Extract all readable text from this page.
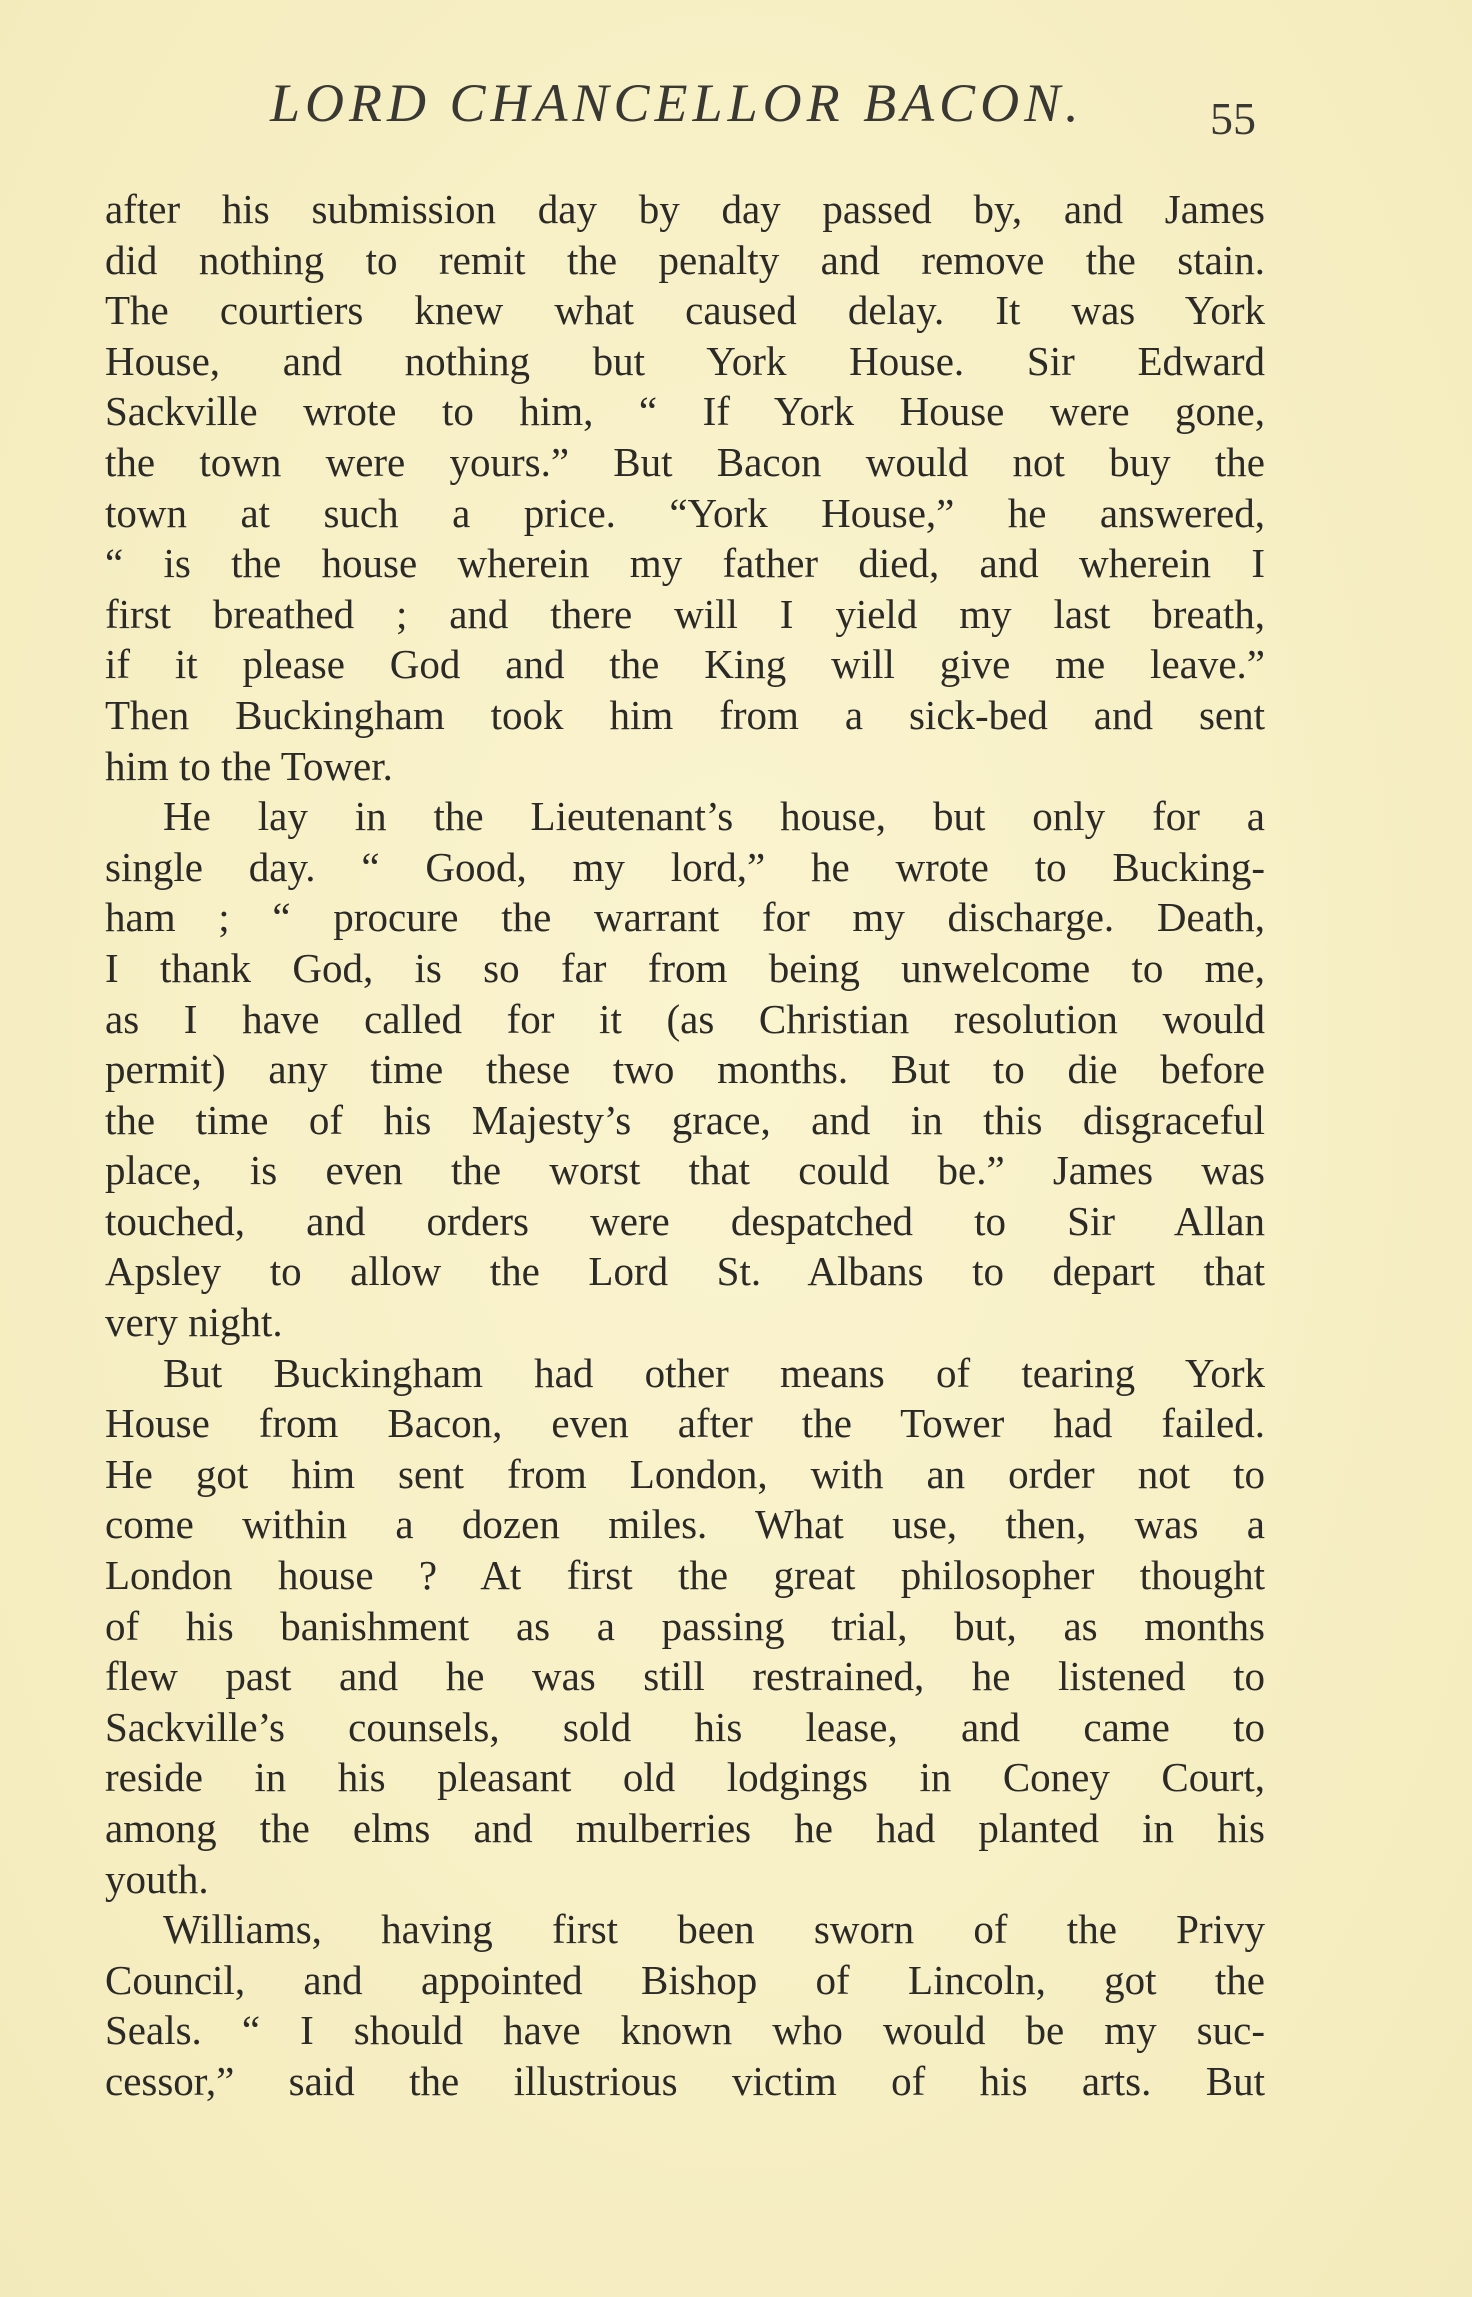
LORD CHANCELLOR BACON.	55
after his submission day by day passed by, and James
did nothing to remit the penalty and remove the stain.
The courtiers knew what caused delay. It was York
House, and nothing but York House. Sir Edward
Sackville wrote to him, “ If York House were gone,
the town were yours.” But Bacon would not buy the
town at such a price. “York House,” he answered,
“ is the house wherein my father died, and wherein I
first breathed ; and there will I yield my last breath,
if it please God and the King will give me leave.”
Then Buckingham took him from a sick-bed and sent
him to the Tower.
He lay in the Lieutenant’s house, but only for a
single day. “ Good, my lord,” he wrote to Bucking-
ham ; “ procure the warrant for my discharge. Death,
I thank God, is so far from being unwelcome to me,
as I have called for it (as Christian resolution would
permit) any time these two months. But to die before
the time of his Majesty’s grace, and in this disgraceful
place, is even the worst that could be.” James was
touched, and orders were despatched to Sir Allan
Apsley to allow the Lord St. Albans to depart that
very night.
But Buckingham had other means of tearing York
House from Bacon, even after the Tower had failed.
He got him sent from London, with an order not to
come within a dozen miles. What use, then, was a
London house ? At first the great philosopher thought
of his banishment as a passing trial, but, as months
flew past and he was still restrained, he listened to
Sackville’s counsels, sold his lease, and came to
reside in his pleasant old lodgings in Coney Court,
among the elms and mulberries he had planted in his
youth.
Williams, having first been sworn of the Privy
Council, and appointed Bishop of Lincoln, got the
Seals. “ I should have known who would be my suc-
cessor,” said the illustrious victim of his arts. But
